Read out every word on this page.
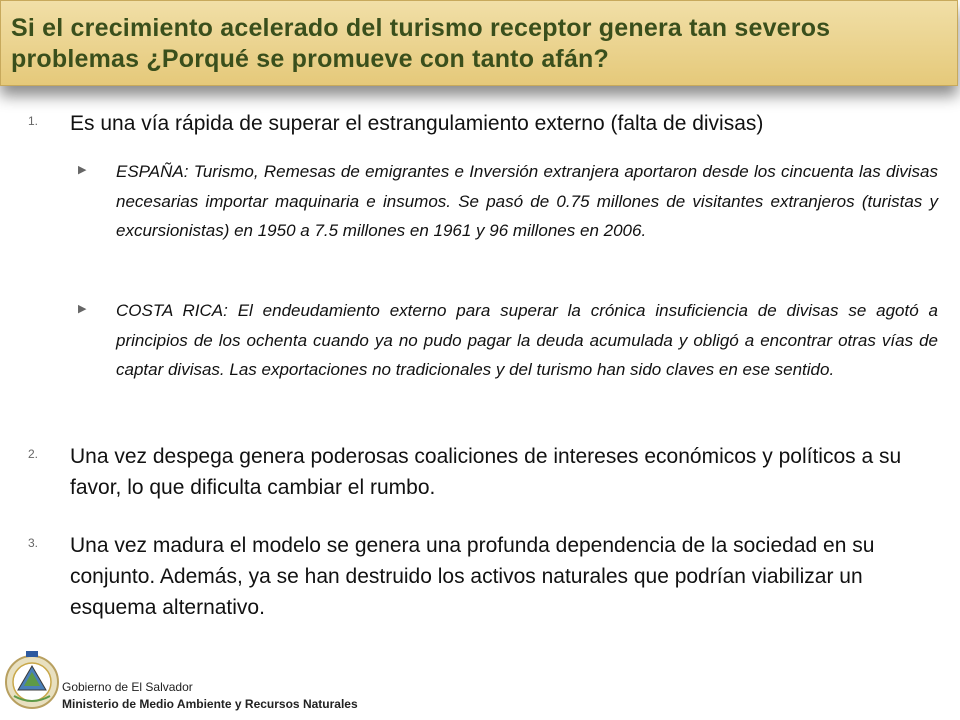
Si el crecimiento acelerado del turismo receptor genera tan severos problemas ¿Porqué se promueve con tanto afán?
1. Es una vía rápida de superar el estrangulamiento externo (falta de divisas)
▶ ESPAÑA: Turismo, Remesas de emigrantes e Inversión extranjera aportaron desde los cincuenta las divisas necesarias importar maquinaria e insumos. Se pasó de 0.75 millones de visitantes extranjeros (turistas y excursionistas) en 1950 a 7.5 millones en 1961 y 96 millones en 2006.
▶ COSTA RICA: El endeudamiento externo para superar la crónica insuficiencia de divisas se agotó a principios de los ochenta cuando ya no pudo pagar la deuda acumulada y obligó a encontrar otras vías de captar divisas. Las exportaciones no tradicionales y del turismo han sido claves en ese sentido.
2. Una vez despega genera poderosas coaliciones de intereses económicos y políticos a su favor, lo que dificulta cambiar el rumbo.
3. Una vez madura el modelo se genera una profunda dependencia de la sociedad en su conjunto. Además, ya se han destruido los activos naturales que podrían viabilizar un esquema alternativo.
Gobierno de El Salvador
Ministerio de Medio Ambiente y Recursos Naturales
